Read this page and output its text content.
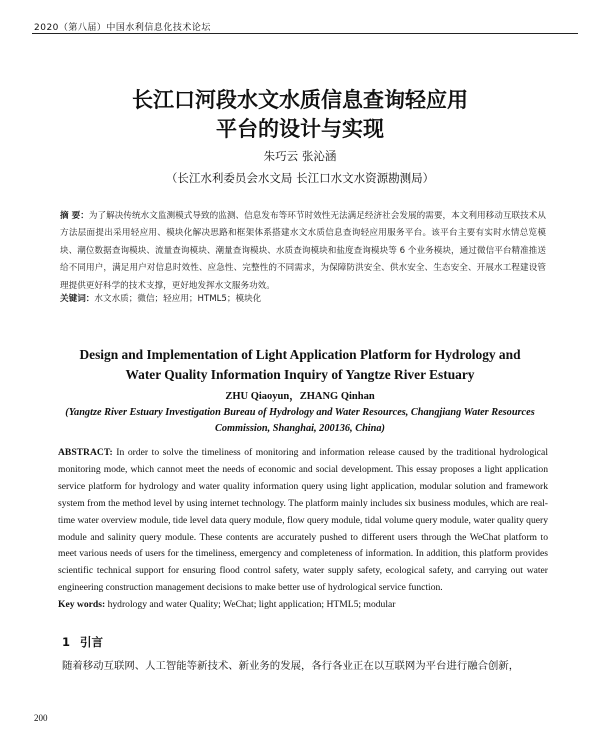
2020（第八届）中国水利信息化技术论坛
长江口河段水文水质信息查询轻应用
平台的设计与实现
朱巧云 张沁涵
（长江水利委员会水文局 长江口水文水资源勘测局）
摘 要：为了解决传统水文监测模式导致的监测、信息发布等环节时效性无法满足经济社会发展的需要，本文利用移动互联技术从方法层面提出采用轻应用、模块化解决思路和框架体系搭建水文水质信息查询轻应用服务平台。该平台主要有实时水情总览模块、潮位数据查询模块、流量查询模块、潮量查询模块、水质查询模块和盐度查询模块等 6 个业务模块，通过微信平台精准推送给不同用户，满足用户对信息时效性、应急性、完整性的不同需求，为保障防洪安全、供水安全、生态安全、开展水工程建设管理提供更好科学的技术支撑，更好地发挥水文服务功效。
关键词：水文水质；微信；轻应用；HTML5；模块化
Design and Implementation of Light Application Platform for Hydrology and
Water Quality Information Inquiry of Yangtze River Estuary
ZHU Qiaoyun，ZHANG Qinhan
(Yangtze River Estuary Investigation Bureau of Hydrology and Water Resources, Changjiang Water Resources Commission, Shanghai, 200136, China)
ABSTRACT: In order to solve the timeliness of monitoring and information release caused by the traditional hydrological monitoring mode, which cannot meet the needs of economic and social development. This essay proposes a light application service platform for hydrology and water quality information query using light application, modular solution and framework system from the method level by using internet technology. The platform mainly includes six business modules, which are real-time water overview module, tide level data query module, flow query module, tidal volume query module, water quality query module and salinity query module. These contents are accurately pushed to different users through the WeChat platform to meet various needs of users for the timeliness, emergency and completeness of information. In addition, this platform provides scientific technical support for ensuring flood control safety, water supply safety, ecological safety, and carrying out water engineering construction management decisions to make better use of hydrological service function.
Key words: hydrology and water Quality; WeChat; light application; HTML5; modular
1 引言
随着移动互联网、人工智能等新技术、新业务的发展，各行各业正在以互联网为平台进行融合创新，
200
